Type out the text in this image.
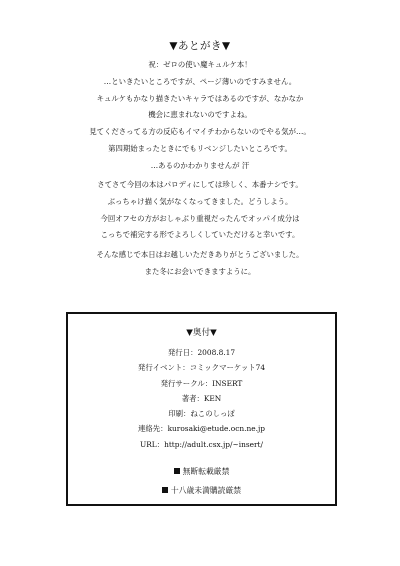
▼あとがき▼

祝：ゼロの使い魔キュルケ本！

…といきたいところですが、ページ薄いのですみません。

キュルケもかなり描きたいキャラではあるのですが、なかなか

機会に恵まれないのですよね。

見てくださってる方の反応もイマイチわからないのでやる気が…。

第四期始まったときにでもリベンジしたいところです。

…あるのかわかりませんが 汗

さてさて今回の本はパロディにしては珍しく、本番ナシです。

ぶっちゃけ描く気がなくなってきました。どうしよう。

今回オフセの方がおしゃぶり重視だったんでオッパイ成分は

こっちで補完する形でよろしくしていただけると幸いです。

そんな感じで本日はお越しいただきありがとうございました。

また冬にお会いできますように。

▼奥付▼
発行日：2008.8.17
発行イベント：コミックマーケット74
発行サークル：INSERT
著者：KEN
印刷：ねこのしっぽ
連絡先：kurosaki@etude.ocn.ne.jp
URL：http://adult.csx.jp/~insert/
無断転載厳禁
十八歳未満購読厳禁
